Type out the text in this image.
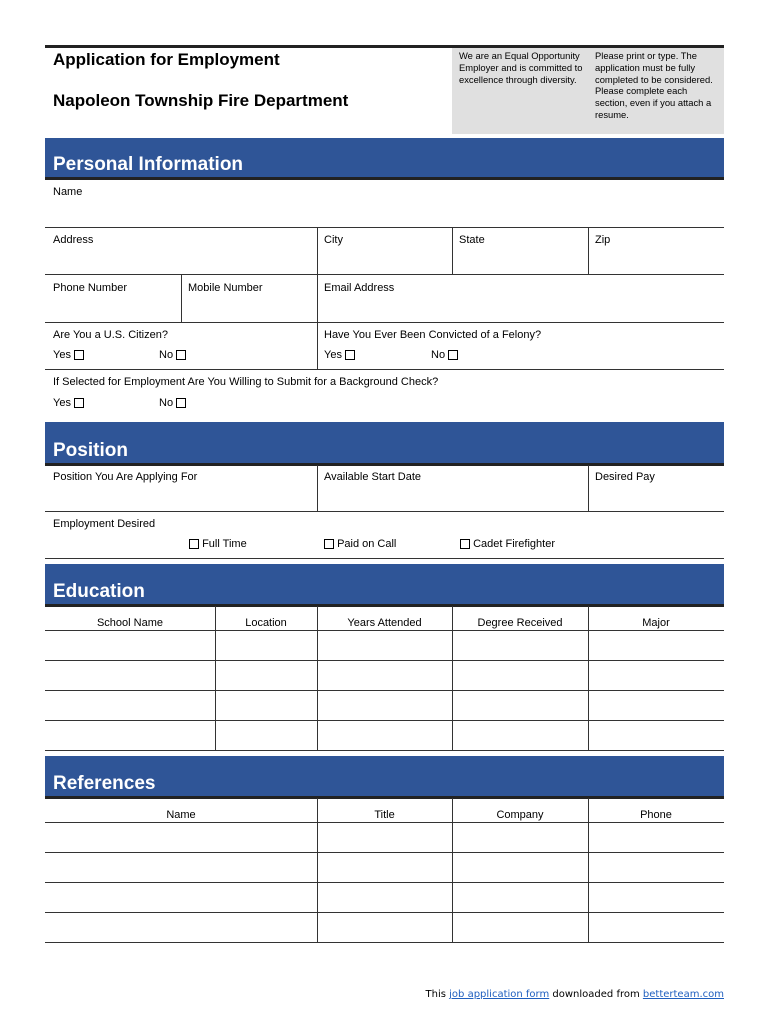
Application for Employment
Napoleon Township Fire Department
We are an Equal Opportunity Employer and is committed to excellence through diversity.
Please print or type. The application must be fully completed to be considered. Please complete each section, even if you attach a resume.
Personal Information
Name
Address	City	State	Zip
Phone Number	Mobile Number	Email Address
Are You a U.S. Citizen?
Yes	No
Have You Ever Been Convicted of a Felony?
Yes	No
If Selected for Employment Are You Willing to Submit for a Background Check?
Yes	No
Position
Position You Are Applying For	Available Start Date	Desired Pay
Employment Desired
Full Time	Paid on Call	Cadet Firefighter
Education
School Name	Location	Years Attended	Degree Received	Major
References
Name	Title	Company	Phone
This job application form downloaded from betterteam.com
